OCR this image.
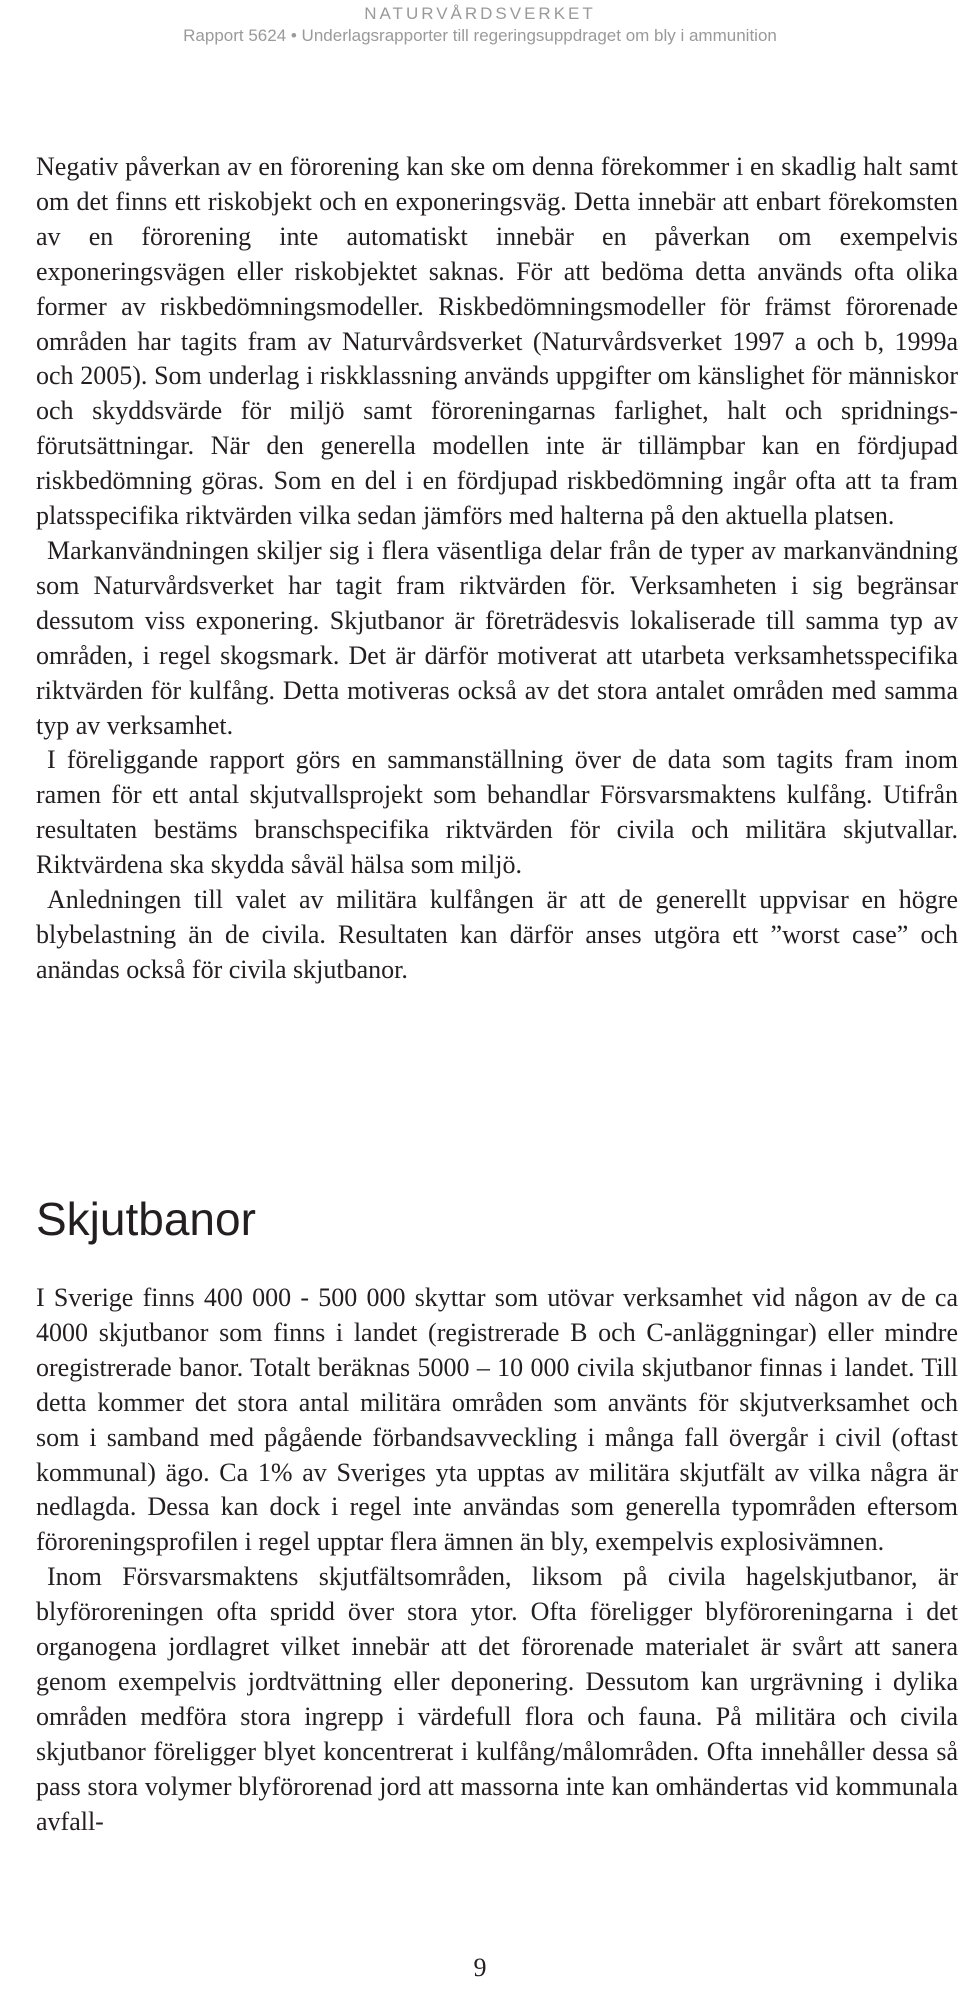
NATURVÅRDSVERKET
Rapport 5624 • Underlagsrapporter till regeringsuppdraget om bly i ammunition

Negativ påverkan av en förorening kan ske om denna förekommer i en skadlig halt samt om det finns ett riskobjekt och en exponeringsväg. Detta innebär att enbart förekomsten av en förorening inte automatiskt innebär en påverkan om exempelvis exponeringsvägen eller riskobjektet saknas. För att bedöma detta används ofta olika former av riskbedömningsmodeller. Riskbedömningsmodeller för främst förorenade områden har tagits fram av Naturvårdsverket (Naturvårdsverket 1997 a och b, 1999a och 2005). Som underlag i riskklassning används uppgifter om känslighet för människor och skyddsvärde för miljö samt föroreningarnas farlighet, halt och spridningsförutsättningar. När den generella modellen inte är tillämpbar kan en fördjupad riskbedömning göras. Som en del i en fördjupad riskbedömning ingår ofta att ta fram platsspecifika riktvärden vilka sedan jämförs med halterna på den aktuella platsen.

Markanvändningen skiljer sig i flera väsentliga delar från de typer av markanvändning som Naturvårdsverket har tagit fram riktvärden för. Verksamheten i sig begränsar dessutom viss exponering. Skjutbanor är företrädesvis lokaliserade till samma typ av områden, i regel skogsmark. Det är därför motiverat att utarbeta verksamhetsspecifika riktvärden för kulfång. Detta motiveras också av det stora antalet områden med samma typ av verksamhet.

I föreliggande rapport görs en sammanställning över de data som tagits fram inom ramen för ett antal skjutvallsprojekt som behandlar Försvarsmaktens kulfång. Utifrån resultaten bestäms branschspecifika riktvärden för civila och militära skjutvallar. Riktvärdena ska skydda såväl hälsa som miljö.

Anledningen till valet av militära kulfången är att de generellt uppvisar en högre blybelastning än de civila. Resultaten kan därför anses utgöra ett ”worst case” och anändas också för civila skjutbanor.

Skjutbanor

I Sverige finns 400 000 - 500 000 skyttar som utövar verksamhet vid någon av de ca 4000 skjutbanor som finns i landet (registrerade B och C-anläggningar) eller mindre oregistrerade banor. Totalt beräknas 5000 – 10 000 civila skjutbanor finnas i landet. Till detta kommer det stora antal militära områden som använts för skjutverksamhet och som i samband med pågående förbandsavveckling i många fall övergår i civil (oftast kommunal) ägo. Ca 1% av Sveriges yta upptas av militära skjutfält av vilka några är nedlagda. Dessa kan dock i regel inte användas som generella typområden eftersom föroreningsprofilen i regel upptar flera ämnen än bly, exempelvis explosivämnen.

Inom Försvarsmaktens skjutfältsområden, liksom på civila hagelskjutbanor, är blyföroreningen ofta spridd över stora ytor. Ofta föreligger blyföroreningarna i det organogena jordlagret vilket innebär att det förorenade materialet är svårt att sanera genom exempelvis jordtvättning eller deponering. Dessutom kan urgrävning i dylika områden medföra stora ingrepp i värdefull flora och fauna. På militära och civila skjutbanor föreligger blyet koncentrerat i kulfång/målområden. Ofta innehåller dessa så pass stora volymer blyförorenad jord att massorna inte kan omhändertas vid kommunala avfall-

9
